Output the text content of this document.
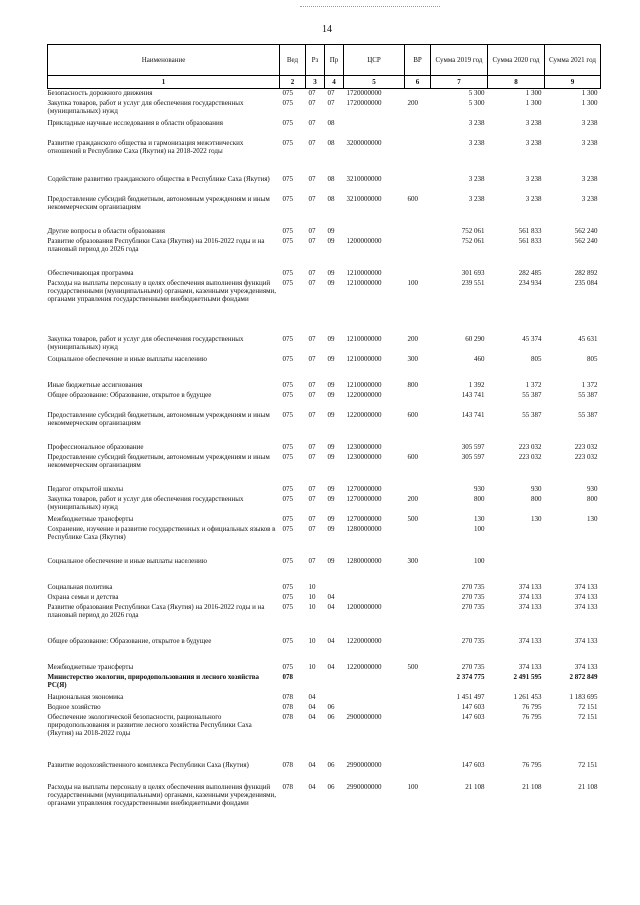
14
Наименование	Вед	Рз	Пр	ЦСР	ВР	Сумма 2019 год	Сумма 2020 год	Сумма 2021 год
1	2	3	4	5	6	7	8	9
Безопасность дорожного движения	075	07	07	1720000000		5 300	1 300	1 300
Закупка товаров, работ и услуг для обеспечения государственных (муниципальных) нужд	075	07	07	1720000000	200	5 300	1 300	1 300
Прикладные научные исследования в области образования	075	07	08			3 238	3 238	3 238
Развитие гражданского общества и гармонизация межэтнических отношений в Республике Саха (Якутия) на 2018-2022 годы	075	07	08	3200000000		3 238	3 238	3 238
Содействие развитию гражданского общества в Республике Саха (Якутия)	075	07	08	3210000000		3 238	3 238	3 238
Предоставление субсидий бюджетным, автономным учреждениям и иным некоммерческим организациям	075	07	08	3210000000	600	3 238	3 238	3 238
Другие вопросы в области образования	075	07	09			752 061	561 833	562 240
Развитие образования Республики Саха (Якутия) на 2016-2022 годы и на плановый период до 2026 года	075	07	09	1200000000		752 061	561 833	562 240
Обеспечивающая программа	075	07	09	1210000000		301 693	282 485	282 892
Расходы на выплаты персоналу в целях обеспечения выполнения функций государственными (муниципальными) органами, казенными учреждениями, органами управления государственными внебюджетными фондами	075	07	09	1210000000	100	239 551	234 934	235 084
Закупка товаров, работ и услуг для обеспечения государственных (муниципальных) нужд	075	07	09	1210000000	200	60 290	45 374	45 631
Социальное обеспечение и иные выплаты населению	075	07	09	1210000000	300	460	805	805
Иные бюджетные ассигнования	075	07	09	1210000000	800	1 392	1 372	1 372
Общее образование: Образование, открытое в будущее	075	07	09	1220000000		143 741	55 387	55 387
Предоставление субсидий бюджетным, автономным учреждениям и иным некоммерческим организациям	075	07	09	1220000000	600	143 741	55 387	55 387
Профессиональное образование	075	07	09	1230000000		305 597	223 032	223 032
Предоставление субсидий бюджетным, автономным учреждениям и иным некоммерческим организациям	075	07	09	1230000000	600	305 597	223 032	223 032
Педагог открытой школы	075	07	09	1270000000		930	930	930
Закупка товаров, работ и услуг для обеспечения государственных (муниципальных) нужд	075	07	09	1270000000	200	800	800	800
Межбюджетные трансферты	075	07	09	1270000000	500	130	130	130
Сохранение, изучение и развитие государственных и официальных языков в Республике Саха (Якутия)	075	07	09	1280000000		100		
Социальное обеспечение и иные выплаты населению	075	07	09	1280000000	300	100		
Социальная политика	075	10				270 735	374 133	374 133
Охрана семьи и детства	075	10	04			270 735	374 133	374 133
Развитие образования Республики Саха (Якутия) на 2016-2022 годы и на плановый период до 2026 года	075	10	04	1200000000		270 735	374 133	374 133
Общее образование: Образование, открытое в будущее	075	10	04	1220000000		270 735	374 133	374 133
Межбюджетные трансферты	075	10	04	1220000000	500	270 735	374 133	374 133
Министерство экологии, природопользования и лесного хозяйства РС(Я)	078					2 374 775	2 491 595	2 872 849
Национальная экономика	078	04				1 451 497	1 261 453	1 183 695
Водное хозяйство	078	04	06			147 603	76 795	72 151
Обеспечение экологической безопасности, рационального природопользования и развитие лесного хозяйства Республики Саха (Якутия) на 2018-2022 годы	078	04	06	2900000000		147 603	76 795	72 151
Развитие водохозяйственного комплекса Республики Саха (Якутия)	078	04	06	2990000000		147 603	76 795	72 151
Расходы на выплаты персоналу в целях обеспечения выполнения функций государственными (муниципальными) органами, казенными учреждениями, органами управления государственными внебюджетными фондами	078	04	06	2990000000	100	21 108	21 108	21 108
